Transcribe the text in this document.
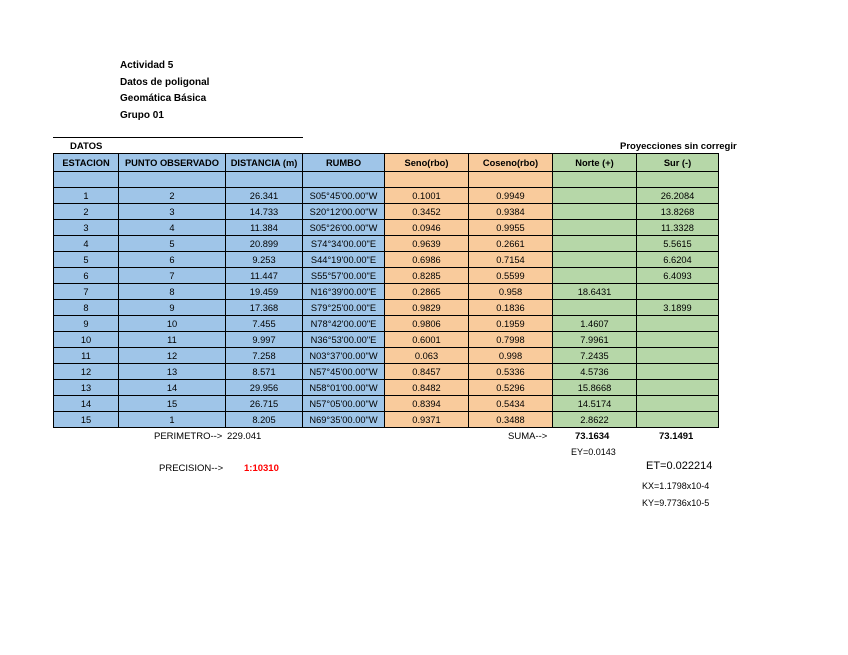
Actividad 5
Datos de poligonal
Geomática Básica
Grupo 01
DATOS	Proyecciones sin corregir
ESTACION	PUNTO OBSERVADO	DISTANCIA (m)	RUMBO	Seno(rbo)	Coseno(rbo)	Norte (+)	Sur (-)

1	2	26.341	S05°45'00.00"W	0.1001	0.9949		26.2084
2	3	14.733	S20°12'00.00"W	0.3452	0.9384		13.8268
3	4	11.384	S05°26'00.00"W	0.0946	0.9955		11.3328
4	5	20.899	S74°34'00.00"E	0.9639	0.2661		5.5615
5	6	9.253	S44°19'00.00"E	0.6986	0.7154		6.6204
6	7	11.447	S55°57'00.00"E	0.8285	0.5599		6.4093
7	8	19.459	N16°39'00.00"E	0.2865	0.958	18.6431	
8	9	17.368	S79°25'00.00"E	0.9829	0.1836		3.1899
9	10	7.455	N78°42'00.00"E	0.9806	0.1959	1.4607	
10	11	9.997	N36°53'00.00"E	0.6001	0.7998	7.9961	
11	12	7.258	N03°37'00.00"W	0.063	0.998	7.2435	
12	13	8.571	N57°45'00.00"W	0.8457	0.5336	4.5736	
13	14	29.956	N58°01'00.00"W	0.8482	0.5296	15.8668	
14	15	26.715	N57°05'00.00"W	0.8394	0.5434	14.5174	
15	1	8.205	N69°35'00.00"W	0.9371	0.3488	2.8622	
PERIMETRO--> 229.041	SUMA-->	73.1634	73.1491
EY=0.0143
PRECISION--> 1:10310	ET=0.022214
KX=1.1798x10-4
KY=9.7736x10-5
